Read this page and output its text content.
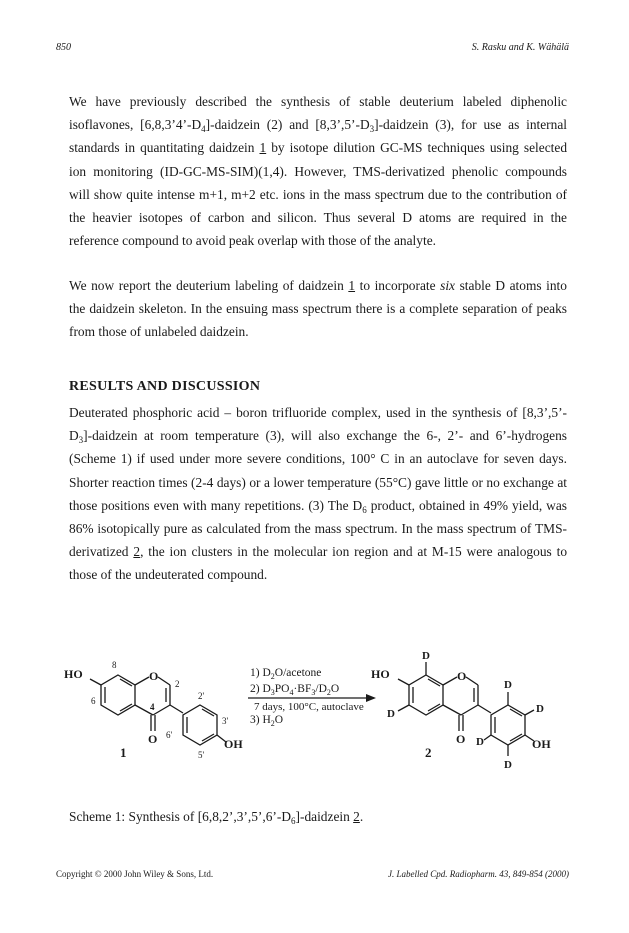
850	S. Rasku and K. Wähälä

We have previously described the synthesis of stable deuterium labeled diphenolic isoflavones, $[6,8,3’4’-D_4]$-daidzein (2) and $[8,3’,5’-D_3]$-daidzein (3), for use as internal standards in quantitating daidzein 1 by isotope dilution GC-MS techniques using selected ion monitoring (ID-GC-MS-SIM)(1,4). However, TMS-derivatized phenolic compounds will show quite intense m+1, m+2 etc. ions in the mass spectrum due to the contribution of the heavier isotopes of carbon and silicon. Thus several D atoms are required in the reference compound to avoid peak overlap with those of the analyte.

We now report the deuterium labeling of daidzein 1 to incorporate six stable D atoms into the daidzein skeleton. In the ensuing mass spectrum there is a complete separation of peaks from those of unlabeled daidzein.

RESULTS AND DISCUSSION

Deuterated phosphoric acid – boron trifluoride complex, used in the synthesis of $[8,3’,5’-D_3]$-daidzein at room temperature (3), will also exchange the 6-, 2’- and 6’-hydrogens (Scheme 1) if used under more severe conditions, 100° C in an autoclave for seven days. Shorter reaction times (2-4 days) or a lower temperature (55°C) gave little or no exchange at those positions even with many repetitions. (3) The $D_6$ product, obtained in 49% yield, was 86% isotopically pure as calculated from the mass spectrum. In the mass spectrum of TMS-derivatized 2, the ion clusters in the molecular ion region and at M-15 were analogous to those of the undeuterated compound.

HO	O
O	OH
1
8
6
2
4
2'
3'
6'
5'
1) $D_2O$/acetone
2) $D_3PO_4\cdot BF_3/D_2O$
7 days, 100°C, autoclave
3) $H_2O$
HO	O
O	OH
2
D
D
D
D
D
D
Scheme 1: Synthesis of $[6,8,2’,3’,5’,6’-D_6]$-daidzein 2.
Copyright © 2000 John Wiley & Sons, Ltd.	J. Labelled Cpd. Radiopharm. 43, 849-854 (2000)
